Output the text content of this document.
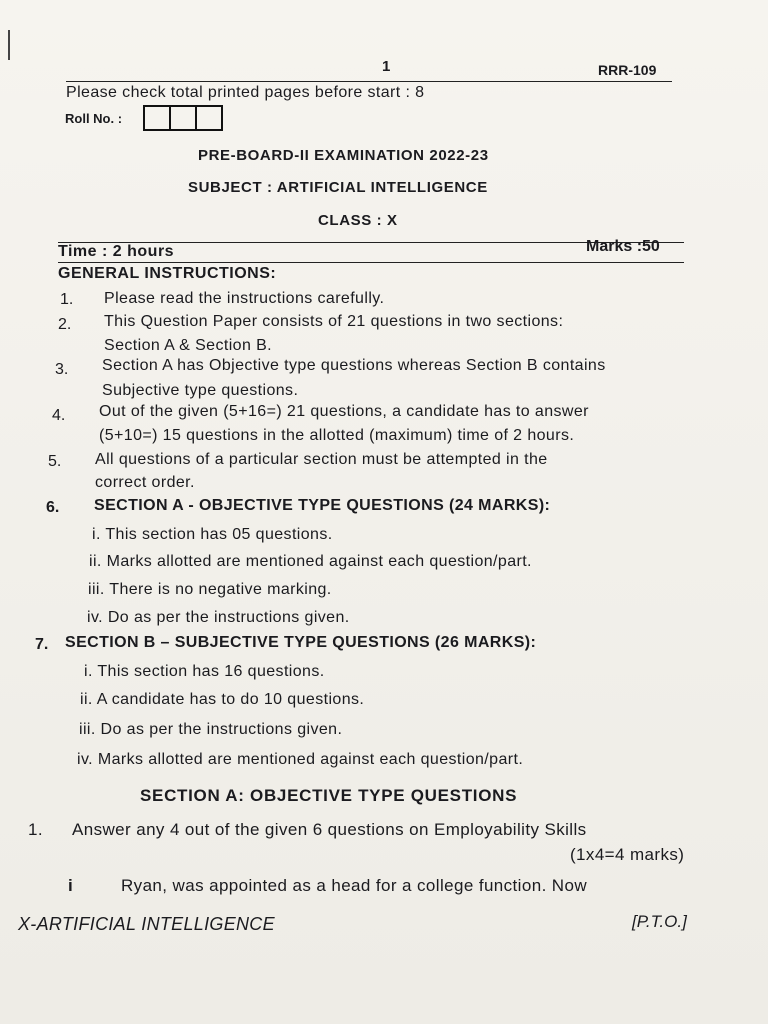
1	RRR-109
Please check total printed pages before start : 8
Roll No. :
PRE-BOARD-II EXAMINATION 2022-23
SUBJECT : ARTIFICIAL INTELLIGENCE
CLASS : X
Time : 2 hours	Marks :50
GENERAL INSTRUCTIONS:
1. Please read the instructions carefully.
2. This Question Paper consists of 21 questions in two sections:
Section A & Section B.
3. Section A has Objective type questions whereas Section B contains
Subjective type questions.
4. Out of the given (5+16=) 21 questions, a candidate has to answer
(5+10=) 15 questions in the allotted (maximum) time of 2 hours.
5. All questions of a particular section must be attempted in the
correct order.
6. SECTION A - OBJECTIVE TYPE QUESTIONS (24 MARKS):
i. This section has 05 questions.
ii. Marks allotted are mentioned against each question/part.
iii. There is no negative marking.
iv. Do as per the instructions given.
7. SECTION B – SUBJECTIVE TYPE QUESTIONS (26 MARKS):
i. This section has 16 questions.
ii. A candidate has to do 10 questions.
iii. Do as per the instructions given.
iv. Marks allotted are mentioned against each question/part.
SECTION A: OBJECTIVE TYPE QUESTIONS
1. Answer any 4 out of the given 6 questions on Employability Skills
(1x4=4 marks)
i	Ryan, was appointed as a head for a college function. Now
X-ARTIFICIAL INTELLIGENCE	[P.T.O.]
